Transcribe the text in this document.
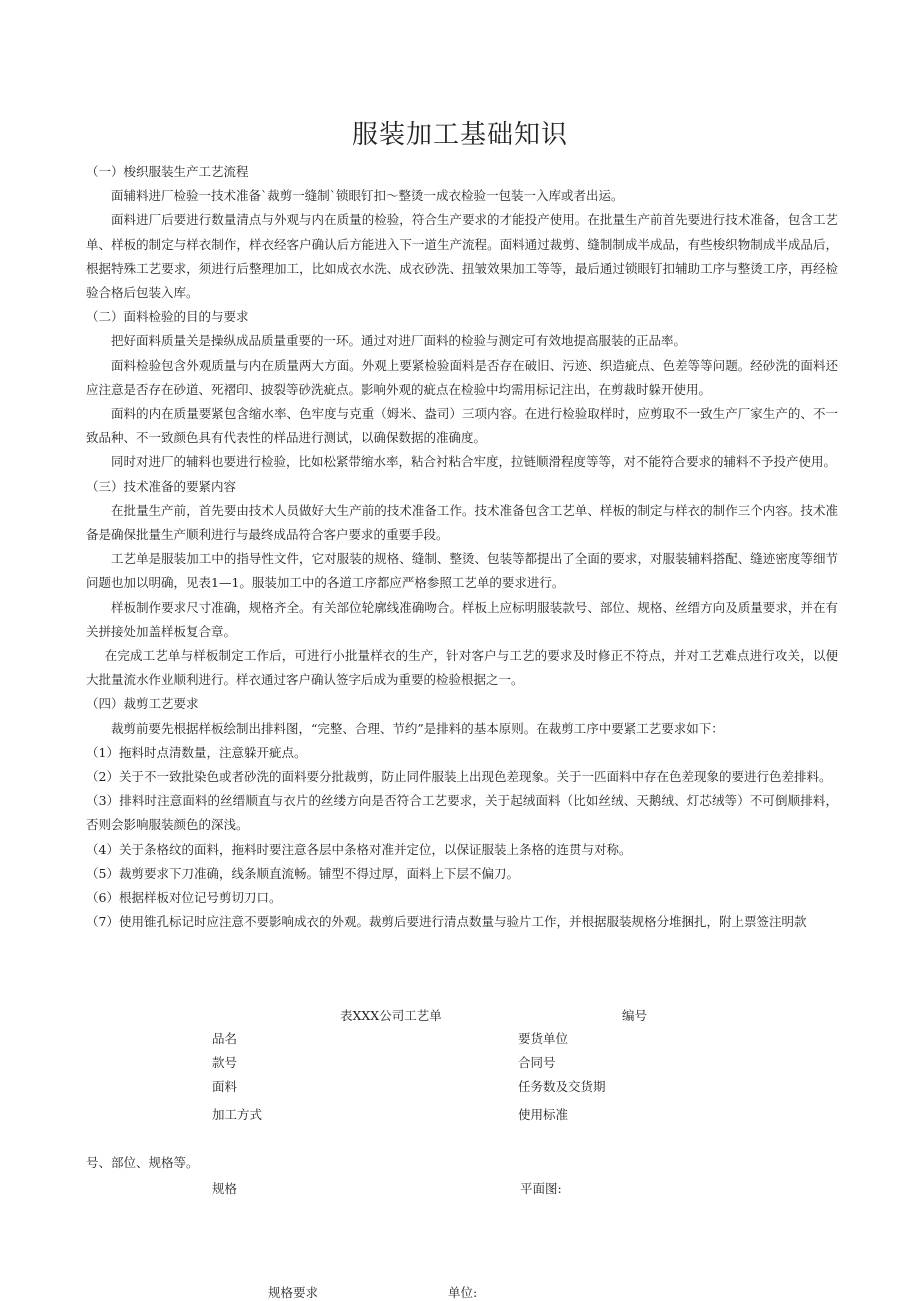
服装加工基础知识

（一）梭织服装生产工艺流程

面辅料进厂检验一技术准备`裁剪一缝制`锁眼钉扣～整烫一成衣检验一包装一入库或者出运。

面料进厂后要进行数量清点与外观与内在质量的检验，符合生产要求的才能投产使用。在批量生产前首先要进行技术准备，包含工艺单、样板的制定与样衣制作，样衣经客户确认后方能进入下一道生产流程。面料通过裁剪、缝制制成半成品，有些梭织物制成半成品后，根据特殊工艺要求，须进行后整理加工，比如成衣水洗、成衣砂洗、扭皱效果加工等等，最后通过锁眼钉扣辅助工序与整烫工序，再经检验合格后包装入库。

（二）面料检验的目的与要求

把好面料质量关是操纵成品质量重要的一环。通过对进厂面料的检验与测定可有效地提高服装的正品率。

面料检验包含外观质量与内在质量两大方面。外观上要紧检验面料是否存在破旧、污迹、织造疵点、色差等等问题。经砂洗的面料还应注意是否存在砂道、死褶印、披裂等砂洗疵点。影响外观的疵点在检验中均需用标记注出，在剪裁时躲开使用。

面料的内在质量要紧包含缩水率、色牢度与克重（姆米、盎司）三项内容。在进行检验取样时，应剪取不一致生产厂家生产的、不一致品种、不一致颜色具有代表性的样品进行测试，以确保数据的准确度。

同时对进厂的辅料也要进行检验，比如松紧带缩水率，粘合衬粘合牢度，拉链顺滑程度等等，对不能符合要求的辅料不予投产使用。

（三）技术准备的要紧内容

在批量生产前，首先要由技术人员做好大生产前的技术准备工作。技术准备包含工艺单、样板的制定与样衣的制作三个内容。技术准备是确保批量生产顺利进行与最终成品符合客户要求的重要手段。

工艺单是服装加工中的指导性文件，它对服装的规格、缝制、整烫、包装等都提出了全面的要求，对服装辅料搭配、缝迹密度等细节问题也加以明确，见表1—1。服装加工中的各道工序都应严格参照工艺单的要求进行。

样板制作要求尺寸准确，规格齐全。有关部位轮廓线准确吻合。样板上应标明服装款号、部位、规格、丝缙方向及质量要求，并在有关拼接处加盖样板复合章。

在完成工艺单与样板制定工作后，可进行小批量样衣的生产，针对客户与工艺的要求及时修正不符点，并对工艺难点进行攻关，以便大批量流水作业顺利进行。样衣通过客户确认签字后成为重要的检验根据之一。

（四）裁剪工艺要求

裁剪前要先根据样板绘制出排料图，“完整、合理、节约”是排料的基本原则。在裁剪工序中要紧工艺要求如下：

（1）拖料时点清数量，注意躲开疵点。

（2）关于不一致批染色或者砂洗的面料要分批裁剪，防止同件服装上出现色差现象。关于一匹面料中存在色差现象的要进行色差排料。

（3）排料时注意面料的丝缙顺直与衣片的丝缕方向是否符合工艺要求，关于起绒面料（比如丝绒、天鹅绒、灯芯绒等）不可倒顺排料，否则会影响服装颜色的深浅。

（4）关于条格纹的面料，拖料时要注意各层中条格对准并定位，以保证服装上条格的连贯与对称。

（5）裁剪要求下刀准确，线条顺直流畅。铺型不得过厚，面料上下层不偏刀。

（6）根据样板对位记号剪切刀口。

（7）使用锥孔标记时应注意不要影响成衣的外观。裁剪后要进行清点数量与验片工作，并根据服装规格分堆捆扎，附上票签注明款

表XXX公司工艺单	编号
品名	要货单位
款号	合同号
面料	任务数及交货期
加工方式	使用标准
号、部位、规格等。
规格	平面图:
规格要求	单位:
